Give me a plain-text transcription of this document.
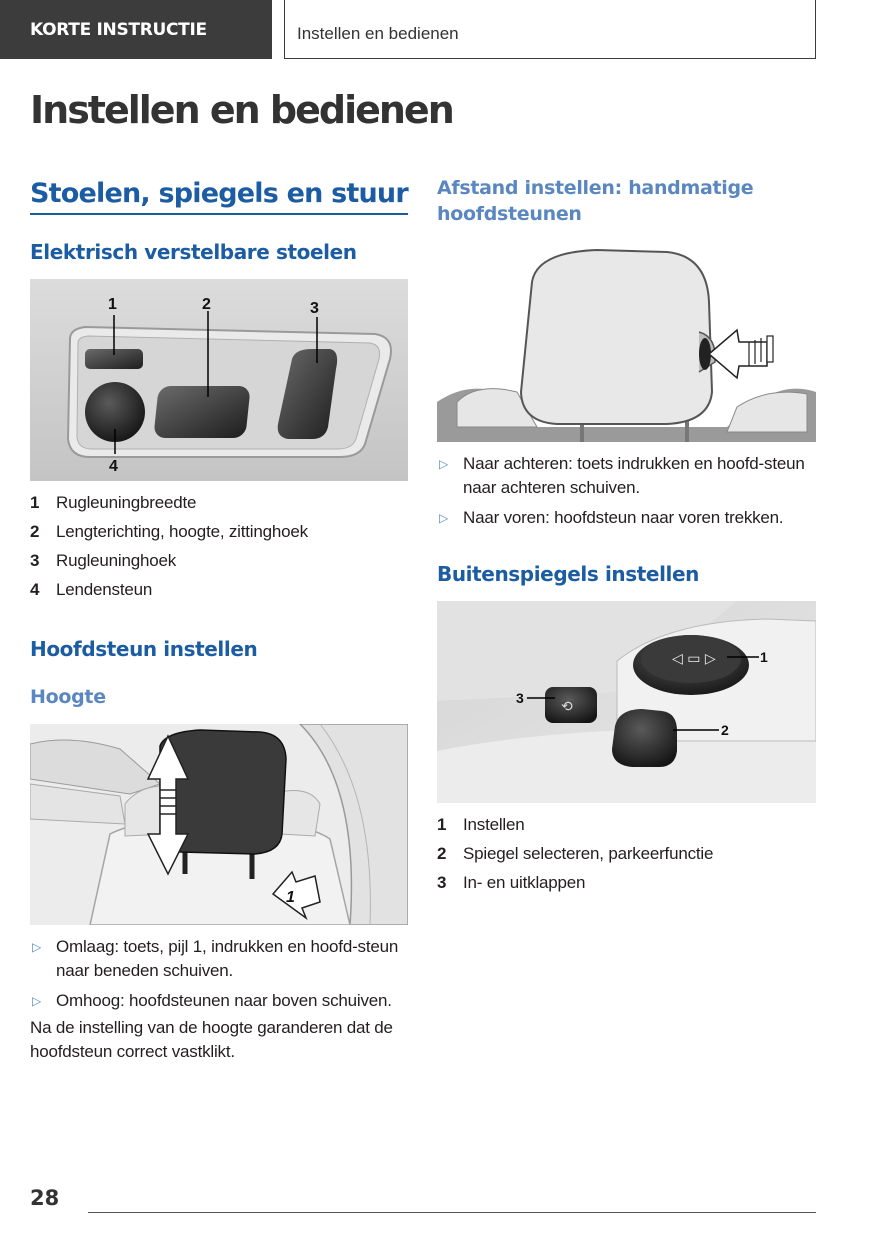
KORTE INSTRUCTIE	Instellen en bedienen
Instellen en bedienen
Stoelen, spiegels en stuur
Elektrisch verstelbare stoelen
1	2	3
4
1 Rugleuningbreedte
2 Lengterichting, hoogte, zittinghoek
3 Rugleuninghoek
4 Lendensteun
Hoofdsteun instellen
Hoogte
1
▷ Omlaag: toets, pijl 1, indrukken en hoofd-steun naar beneden schuiven.
▷ Omhoog: hoofdsteunen naar boven schuiven.

Na de instelling van de hoogte garanderen dat de hoofdsteun correct vastklikt.

Afstand instellen: handmatige hoofdsteunen
▷ Naar achteren: toets indrukken en hoofd-steun naar achteren schuiven.
▷ Naar voren: hoofdsteun naar voren trekken.
Buitenspiegels instellen
◁ ▭ ▷
⟲
1
2
3
1 Instellen
2 Spiegel selecteren, parkeerfunctie
3 In- en uitklappen
28
